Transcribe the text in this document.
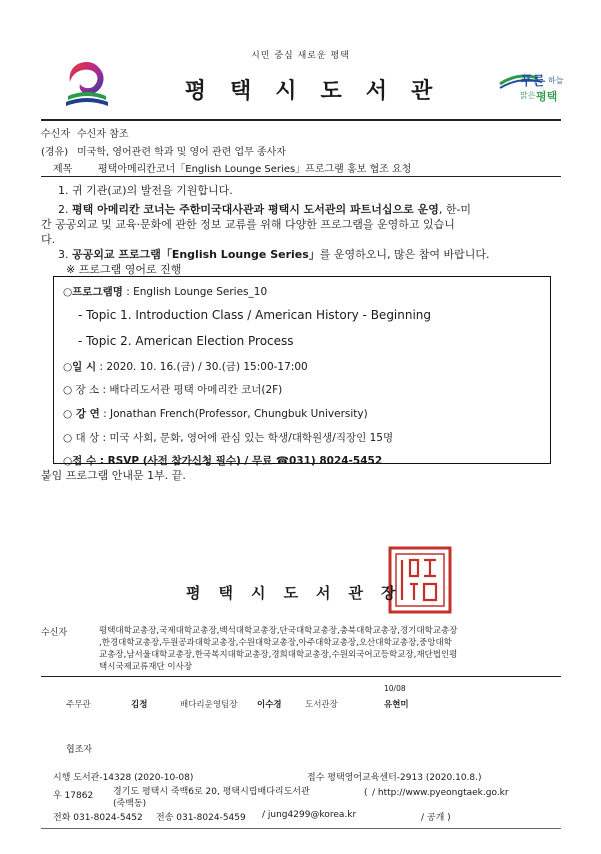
시민 중심 새로운 평택
평택시도서관	푸른 하늘
맑은 평택
수신자 수신자 참조
(경유) 미국학, 영어관련 학과 및 영어 관련 업무 종사자
제목	평택아메리칸코너「English Lounge Series」프로그램 홍보 협조 요청
1. 귀 기관(교)의 발전을 기원합니다.
2. 평택 아메리칸 코너는 주한미국대사관과 평택시 도서관의 파트너십으로 운영, 한-미
간 공공외교 및 교육·문화에 관한 정보 교류를 위해 다양한 프로그램을 운영하고 있습니
다.
3. 공공외교 프로그램「English Lounge Series」를 운영하오니, 많은 참여 바랍니다.
※ 프로그램 영어로 진행
○프로그램명 : English Lounge Series_10
- Topic 1. Introduction Class / American History - Beginning
- Topic 2. American Election Process
○일 시 : 2020. 10. 16.(금) / 30.(금) 15:00-17:00
○ 장 소 : 배다리도서관 평택 아메리칸 코너(2F)
○ 강 연 : Jonathan French(Professor, Chungbuk University)
○ 대 상 : 미국 사회, 문화, 영어에 관심 있는 학생/대학원생/직장인 15명
○접 수 : RSVP (사전 참가신청 필수) / 무료 ☎031) 8024-5452
붙임 프로그램 안내문 1부. 끝.
평택시도서관장
수신자	평택대학교총장,국제대학교총장,백석대학교총장,단국대학교총장,충북대학교총장,경기대학교총장
,한경대학교총장,두원공과대학교총장,수원대학교총장,아주대학교총장,오산대학교총장,중앙대학
교총장,남서울대학교총장,한국복지대학교총장,경희대학교총장,수원외국어고등학교장,재단법인평
택시국제교류재단 이사장
10/08
주무관	김정	배다리운영팀장 이수경	도서관장	유현미
협조자
시행 도서관-14328 (2020-10-08)	접수 평택영어교육센터-2913 (2020.10.8.)
우 17862 경기도 평택시 죽백6로 20, 평택시립배다리도서관
(죽백동)
( / http://www.pyeongtaek.go.kr
전화 031-8024-5452 전송 031-8024-5459 / jung4299@korea.kr	/ 공개 )
